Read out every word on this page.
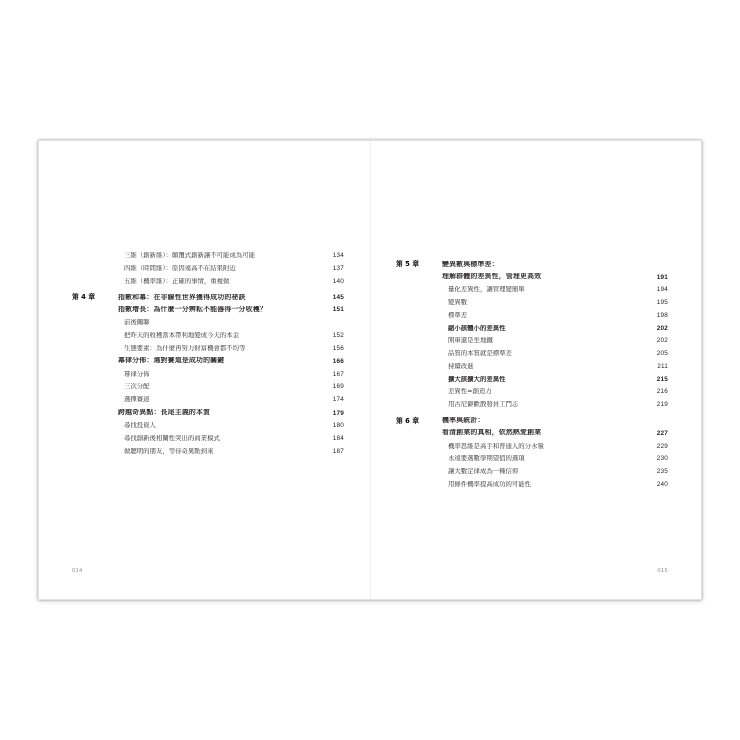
三維（創新維）：顛覆式創新讓不可能成為可能	134
四維（時間維）：原因遠高不在結果附近	137
五維（機率維）：正確的事情，重複做	140
第 4 章	指數和冪：在非線性世界獲得成功的祕訣	145
指數增長：為什麼一分辨耘不能器得一分收穫？	151
前後關聯
把昨天的收穫當本帶利地變成今天的本金	152
生態要素：為什麼再努力財富機會都不均等	156
冪律分佈：選對賽道是成功的關鍵	166
幂律分佈	167
三次分配	169
選擇賽道	174
跨越奇異點：長尾主義的本質	179
尋找投資人	180
尋找創新後相關性突出的商業模式	184
做聰明的朋友，等待奇異點到來	187
014
第 5 章	變異數與標準差：
理解群體的差異性，管理更高效	191
量化差異性，讓管理變簡單	194
變異數	195
標準差	198
縮小該體小的差異性	202
開車還是坐地鐵	202
品質的本質就是標準差	205
持續改進	211
擴大該擴大的差異性	215
差異性=創造力	216
用古尼僻歡散發員工鬥志	219
第 6 章	機率與統計：
看清創業的真相，依然熱愛創業	227
機率思維是高手和普通人的分水嶺	229
永遠要選數學期望值的選項	230
讓大數定律成為一種信仰	235
用條件機率提高成功的可能性	240
015
